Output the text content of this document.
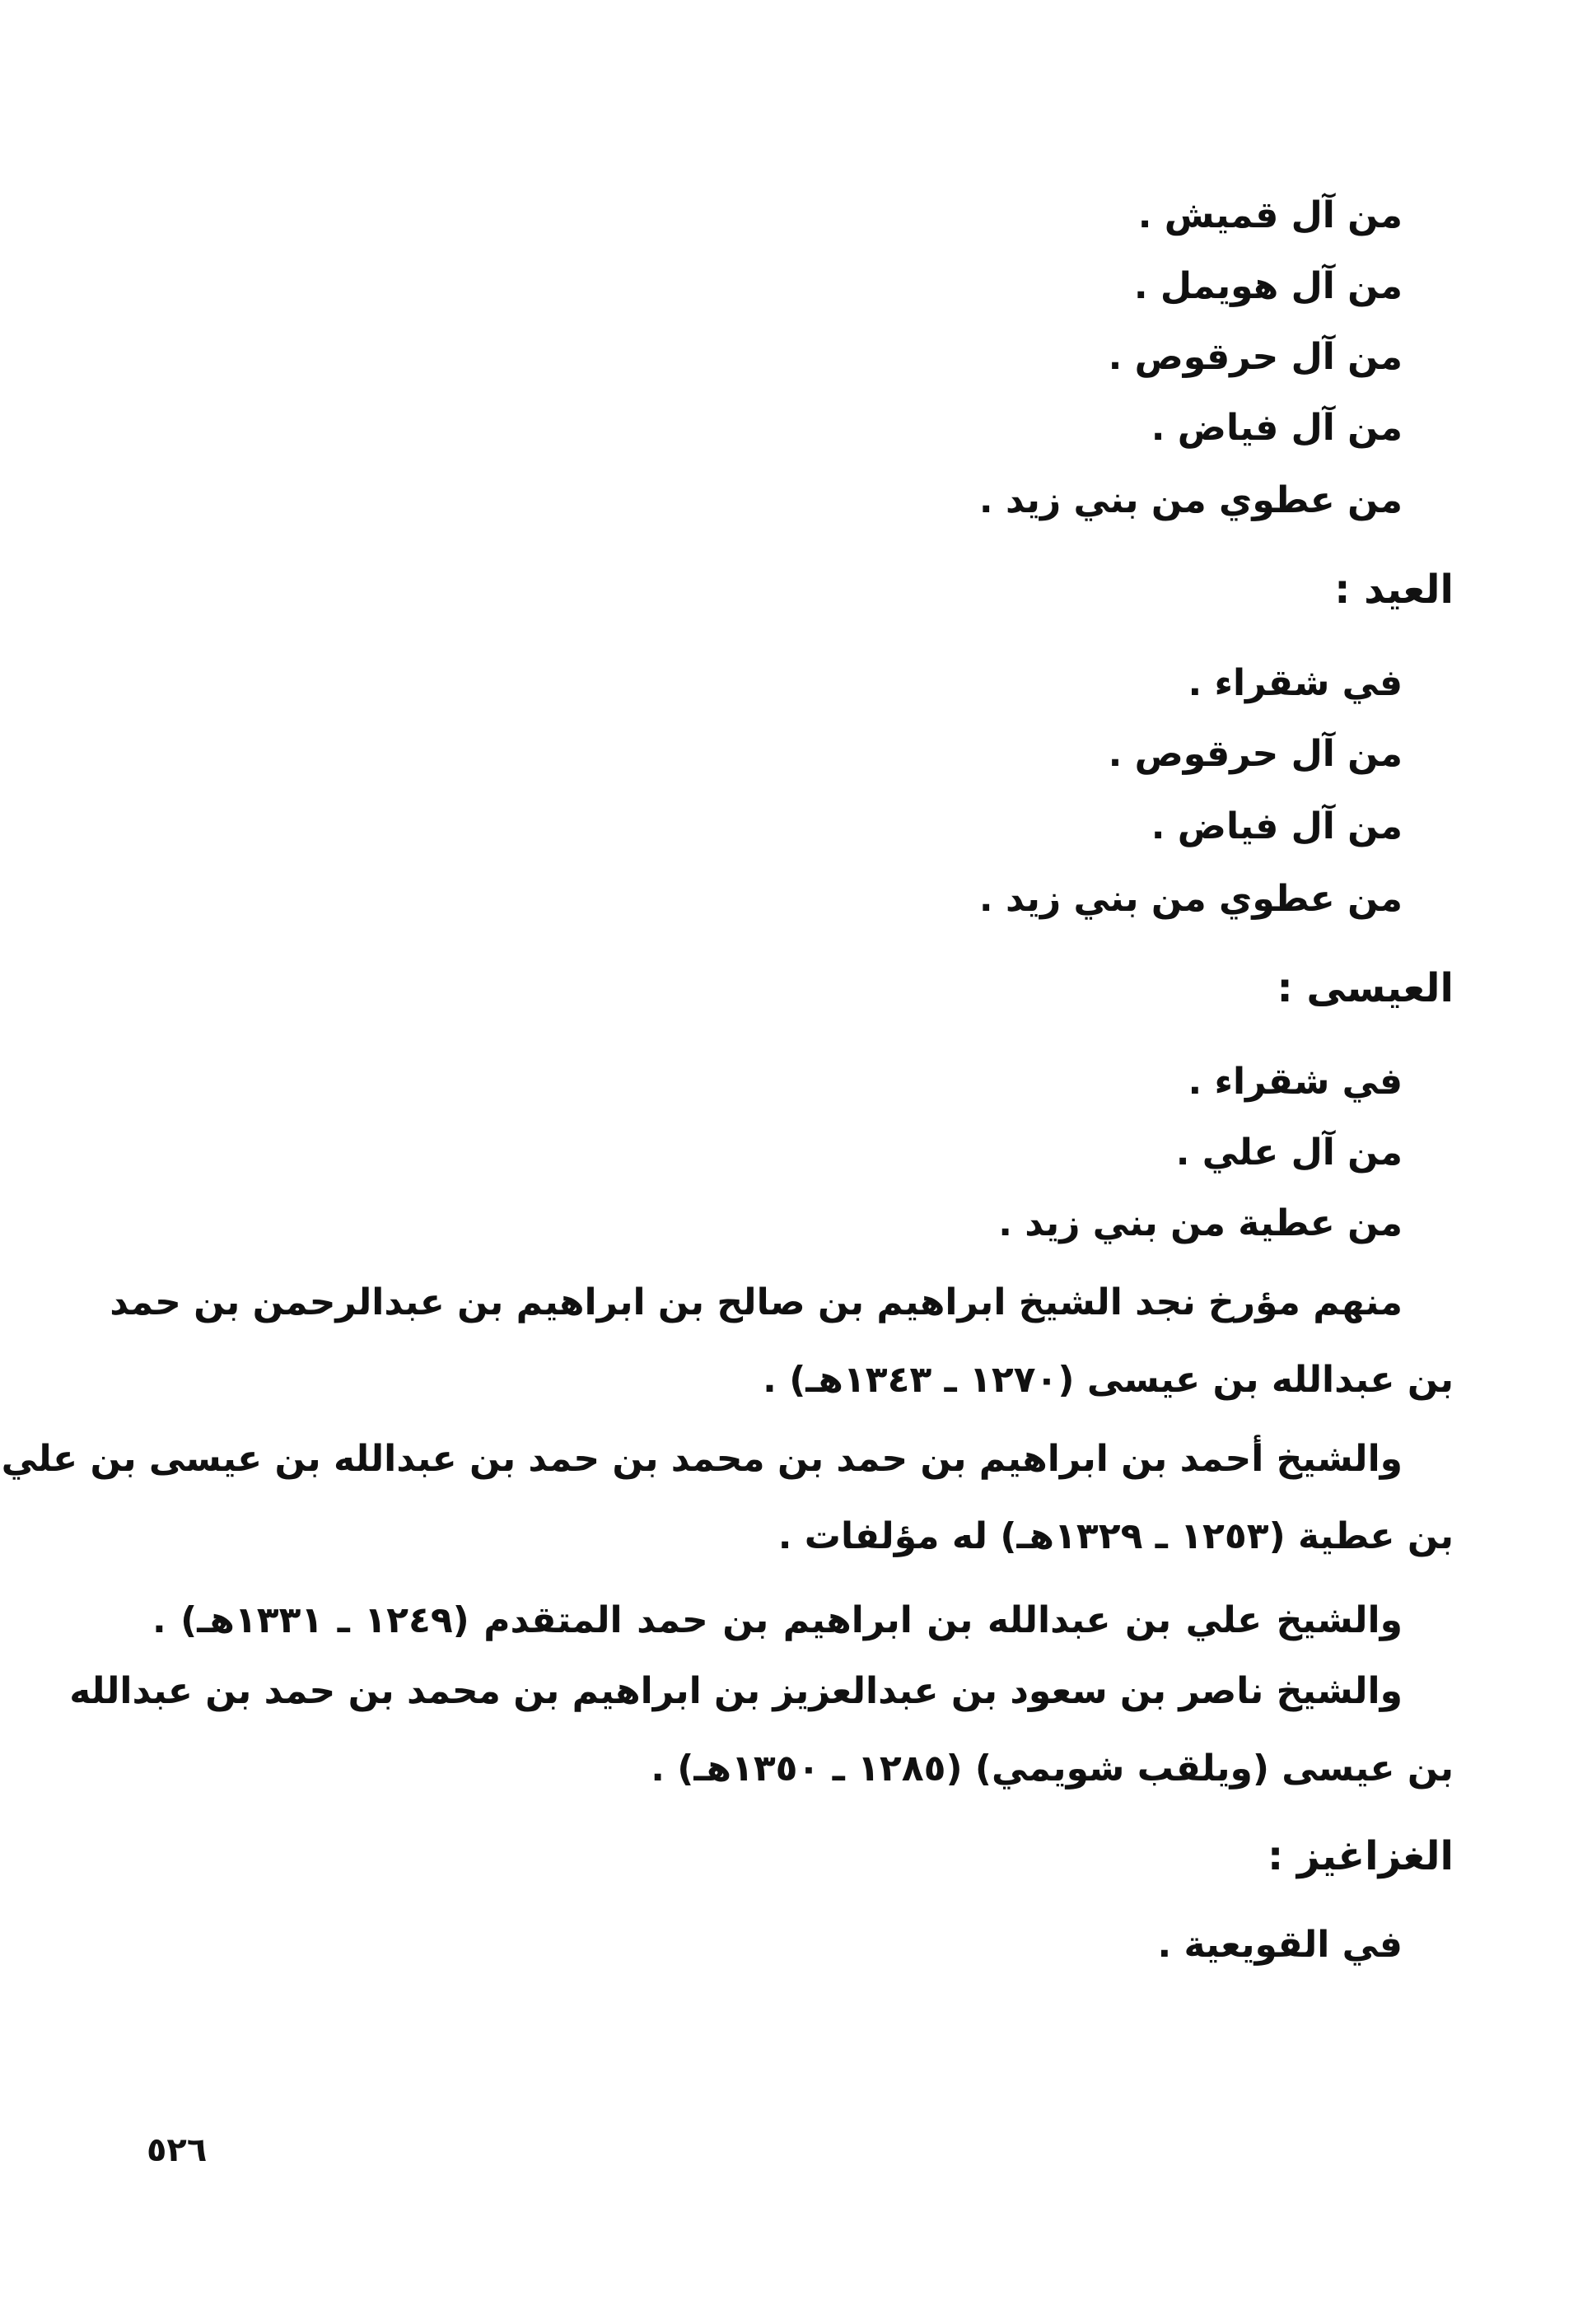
من آل قميش .
من آل هويمل .
من آل حرقوص .
من آل فياض .
من عطوي من بني زيد .
العيد :
في شقراء .
من آل حرقوص .
من آل فياض .
من عطوي من بني زيد .
العيسى :
في شقراء .
من آل علي .
من عطية من بني زيد .
منهم مؤرخ نجد الشيخ ابراهيم بن صالح بن ابراهيم بن عبدالرحمن بن حمد
بن عبدالله بن عيسى (١٢٧٠ ـ ١٣٤٣هـ) .
والشيخ أحمد بن ابراهيم بن حمد بن محمد بن حمد بن عبدالله بن عيسى بن علي
بن عطية (١٢٥٣ ـ ١٣٢٩هـ) له مؤلفات .
والشيخ علي بن عبدالله بن ابراهيم بن حمد المتقدم (١٢٤٩ ـ ١٣٣١هـ) .
والشيخ ناصر بن سعود بن عبدالعزيز بن ابراهيم بن محمد بن حمد بن عبدالله
بن عيسى (ويلقب شويمي) (١٢٨٥ ـ ١٣٥٠هـ) .
الغزاغيز :
في القويعية .
٥٢٦
